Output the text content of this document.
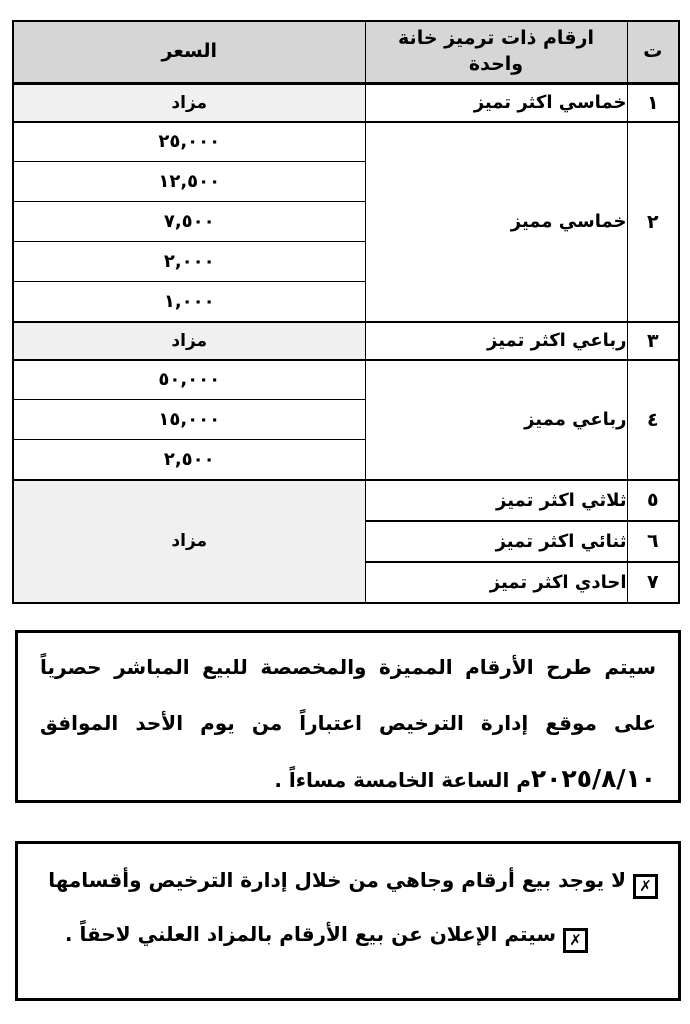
ت	ارقام ذات ترميز خانة واحدة	السعر
١	خماسي اكثر تميز	مزاد
٢	خماسي مميز	٢٥,٠٠٠
		١٢,٥٠٠
		٧,٥٠٠
		٢,٠٠٠
		١,٠٠٠
٣	رباعي اكثر تميز	مزاد
٤	رباعي مميز	٥٠,٠٠٠
		١٥,٠٠٠
		٢,٥٠٠
٥	ثلاثي اكثر تميز	مزاد
٦	ثنائي اكثر تميز	
٧	احادي اكثر تميز	

سيتم طرح الأرقام المميزة والمخصصة للبيع المباشر حصرياً على موقع إدارة الترخيص اعتباراً من يوم الأحد الموافق ٢٠٢٥/٨/١٠م الساعة الخامسة مساءاً .

✗لا يوجد بيع أرقام وجاهي من خلال إدارة الترخيص وأقسامها
✗سيتم الإعلان عن بيع الأرقام بالمزاد العلني لاحقاً .
